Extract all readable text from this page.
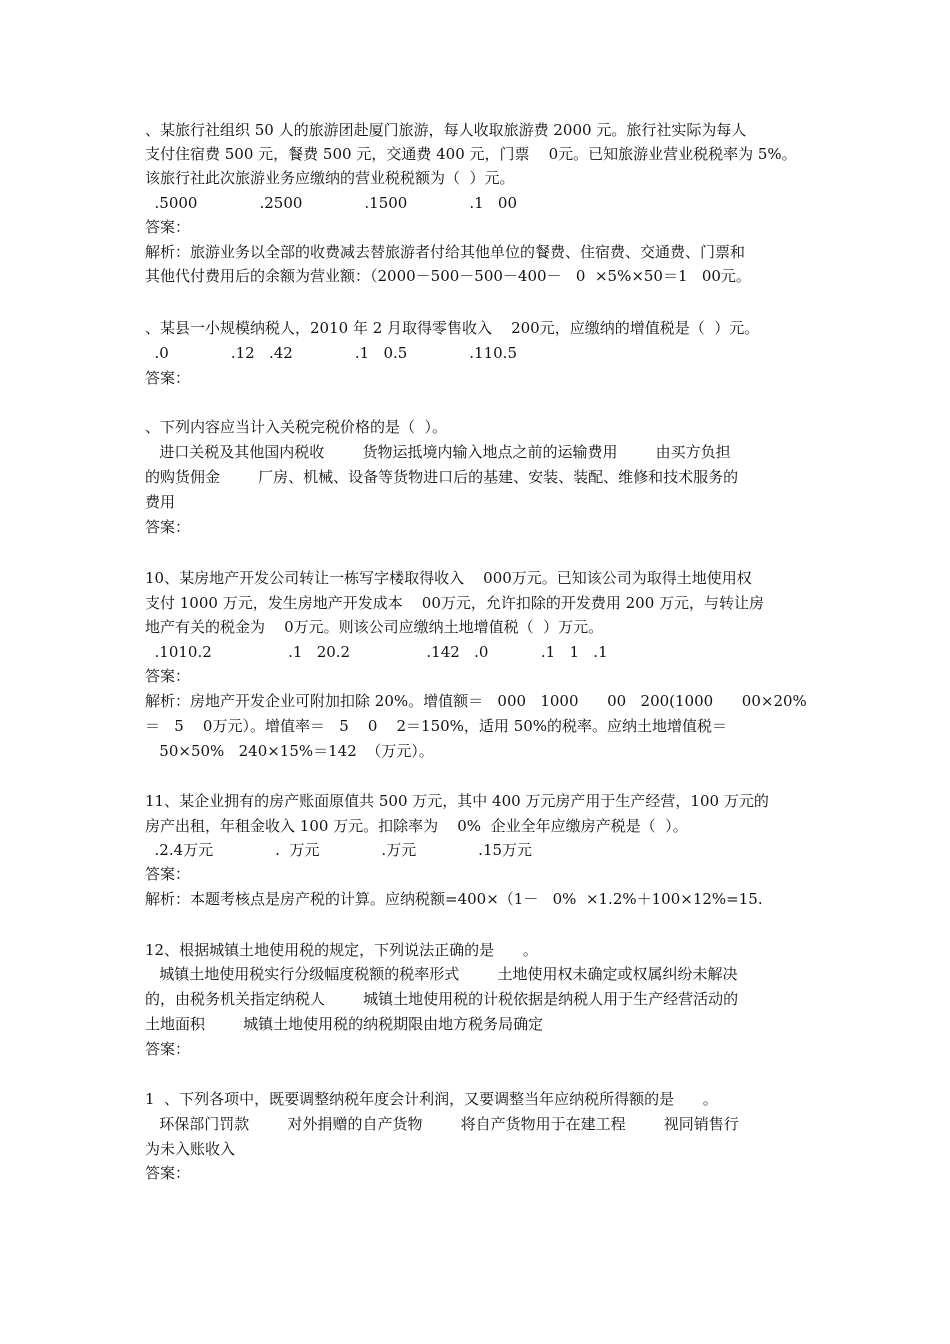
、某旅行社组织 50 人的旅游团赴厦门旅游，每人收取旅游费 2000 元。旅行社实际为每人
支付住宿费 500 元，餐费 500 元，交通费 400 元，门票    0元。已知旅游业营业税税率为 5%。
该旅行社此次旅游业务应缴纳的营业税税额为（  ）元。
.5000             .2500             .1500             .1   00
答案：
解析：旅游业务以全部的收费减去替旅游者付给其他单位的餐费、住宿费、交通费、门票和
其他代付费用后的余额为营业额：（2000－500－500－400－   0  ×5%×50＝1   00元。
、某县一小规模纳税人，2010 年 2 月取得零售收入    200元，应缴纳的增值税是（  ）元。
.0             .12   .42             .1   0.5             .110.5
答案：
、下列内容应当计入关税完税价格的是（  ）。
进口关税及其他国内税收        货物运抵境内输入地点之前的运输费用        由买方负担
的购货佣金        厂房、机械、设备等货物进口后的基建、安装、装配、维修和技术服务的
费用
答案：
10、某房地产开发公司转让一栋写字楼取得收入    000万元。已知该公司为取得土地使用权
支付 1000 万元，发生房地产开发成本    00万元，允许扣除的开发费用 200 万元，与转让房
地产有关的税金为    0万元。则该公司应缴纳土地增值税（  ）万元。
.1010.2                .1   20.2                .142   .0           .1   1   .1
答案：
解析：房地产开发企业可附加扣除 20%。增值额＝   000   1000      00   200(1000      00×20%
＝   5    0万元）。增值率＝   5    0    2＝150%，适用 50%的税率。应纳土地增值税＝
50×50%   240×15%＝142  （万元）。
11、某企业拥有的房产账面原值共 500 万元，其中 400 万元房产用于生产经营，100 万元的
房产出租，年租金收入 100 万元。扣除率为    0%  企业全年应缴房产税是（  ）。
.2.4万元             .  万元             .万元             .15万元
答案：
解析：本题考核点是房产税的计算。应纳税额=400×（1－   0%  ×1.2%＋100×12%=15.
12、根据城镇土地使用税的规定，下列说法正确的是      。
城镇土地使用税实行分级幅度税额的税率形式        土地使用权未确定或权属纠纷未解决
的，由税务机关指定纳税人        城镇土地使用税的计税依据是纳税人用于生产经营活动的
土地面积        城镇土地使用税的纳税期限由地方税务局确定
答案：
1  、下列各项中，既要调整纳税年度会计利润，又要调整当年应纳税所得额的是      。
环保部门罚款        对外捐赠的自产货物        将自产货物用于在建工程        视同销售行
为未入账收入
答案：
